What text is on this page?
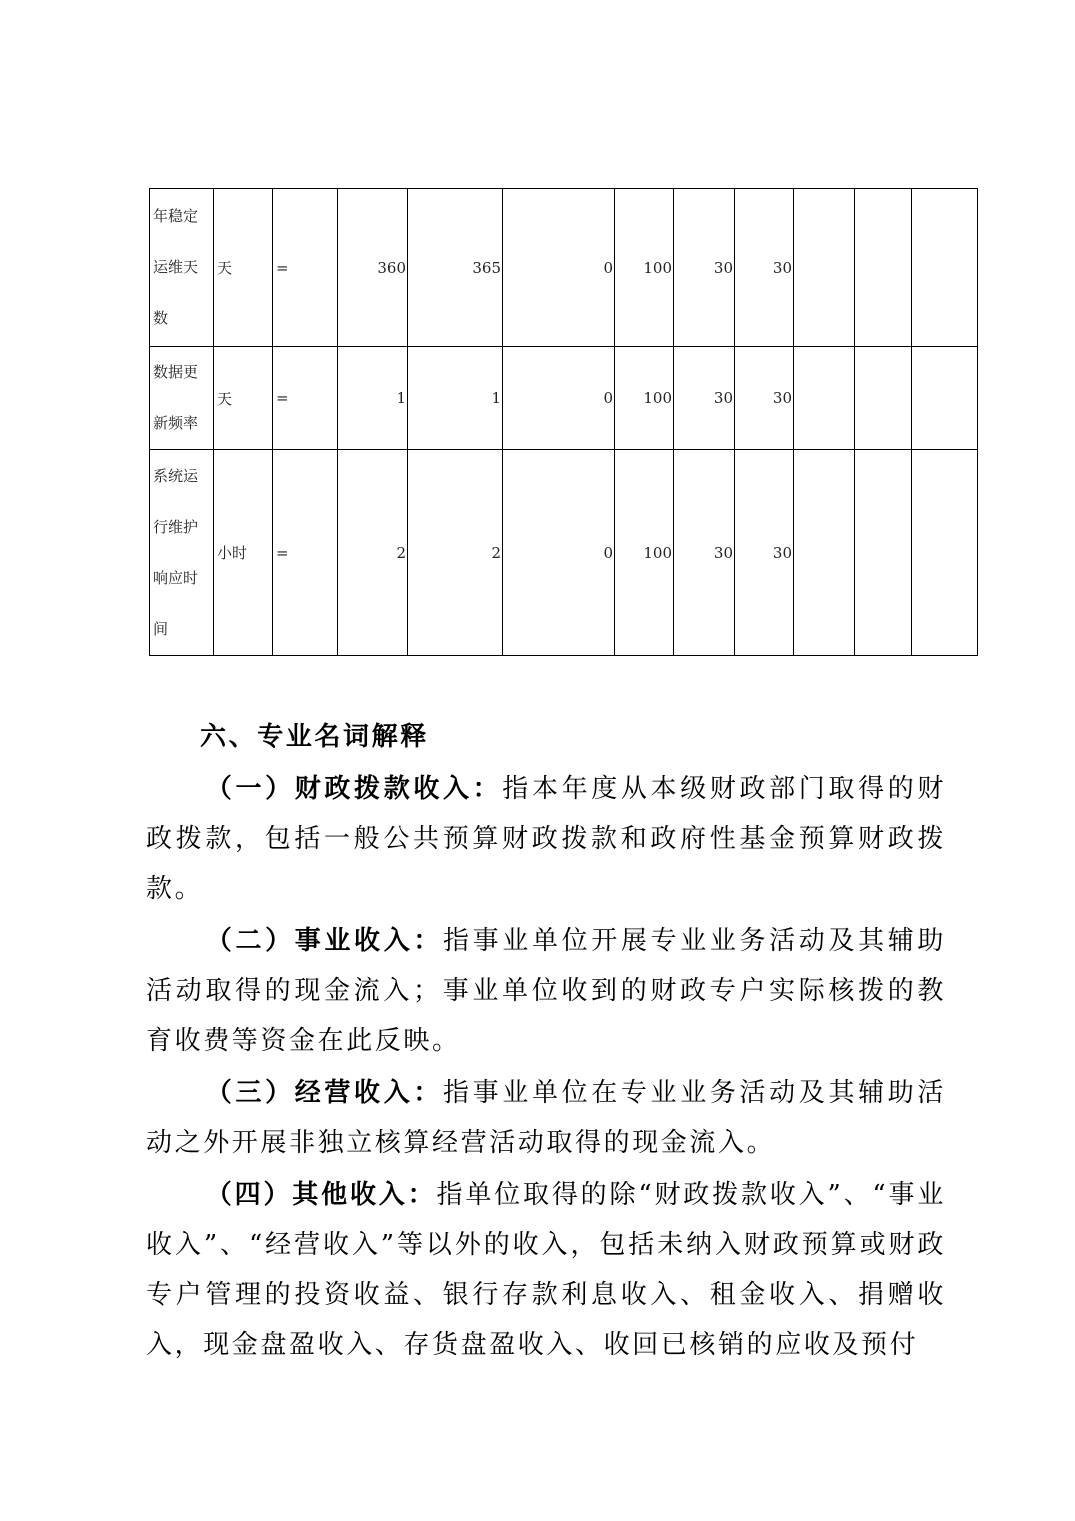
年稳定运维天数	天	=	360	365	0	100	30	30			
数据更新频率	天	=	1	1	0	100	30	30			
系统运行维护响应时间	小时	=	2	2	0	100	30	30			
六、专业名词解释

（一）财政拨款收入：指本年度从本级财政部门取得的财政拨款，包括一般公共预算财政拨款和政府性基金预算财政拨款。

（二）事业收入：指事业单位开展专业业务活动及其辅助活动取得的现金流入；事业单位收到的财政专户实际核拨的教育收费等资金在此反映。

（三）经营收入：指事业单位在专业业务活动及其辅助活动之外开展非独立核算经营活动取得的现金流入。

（四）其他收入：指单位取得的除“财政拨款收入”、“事业收入”、“经营收入”等以外的收入，包括未纳入财政预算或财政专户管理的投资收益、银行存款利息收入、租金收入、捐赠收入，现金盘盈收入、存货盘盈收入、收回已核销的应收及预付
